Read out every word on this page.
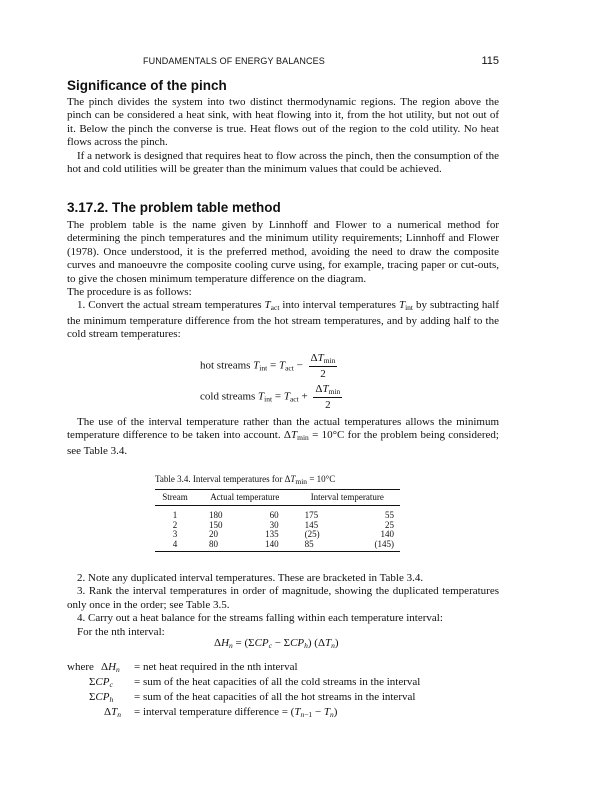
FUNDAMENTALS OF ENERGY BALANCES	115
Significance of the pinch

The pinch divides the system into two distinct thermodynamic regions. The region above the pinch can be considered a heat sink, with heat flowing into it, from the hot utility, but not out of it. Below the pinch the converse is true. Heat flows out of the region to the cold utility. No heat flows across the pinch.

If a network is designed that requires heat to flow across the pinch, then the consumption of the hot and cold utilities will be greater than the minimum values that could be achieved.

3.17.2. The problem table method

The problem table is the name given by Linnhoff and Flower to a numerical method for determining the pinch temperatures and the minimum utility requirements; Linnhoff and Flower (1978). Once understood, it is the preferred method, avoiding the need to draw the composite curves and manoeuvre the composite cooling curve using, for example, tracing paper or cut-outs, to give the chosen minimum temperature difference on the diagram.

The procedure is as follows:

1. Convert the actual stream temperatures $T_{act}$ into interval temperatures $T_{int}$ by subtracting half the minimum temperature difference from the hot stream temperatures, and by adding half to the cold stream temperatures:

hot streams $T_{int} = T_{act} - \frac{\Delta T_{min}}{2}$
cold streams $T_{int} = T_{act} + \frac{\Delta T_{min}}{2}$

The use of the interval temperature rather than the actual temperatures allows the minimum temperature difference to be taken into account. $\Delta T_{min} = 10^\circ C$ for the problem being considered; see Table 3.4.

Table 3.4. Interval temperatures for $\Delta T_{min} = 10^\circ C$
Stream	Actual temperature		Interval temperature	
1	180	60	175	55
2	150	30	145	25
3	20	135	(25)	140
4	80	140	85	(145)

2. Note any duplicated interval temperatures. These are bracketed in Table 3.4.

3. Rank the interval temperatures in order of magnitude, showing the duplicated temperatures only once in the order; see Table 3.5.

4. Carry out a heat balance for the streams falling within each temperature interval:

For the nth interval:

$\Delta H_n = (\Sigma CP_c - \Sigma CP_h)$ $(\Delta T_n)$
where $\Delta H_n$ = net heat required in the nth interval
$\Sigma CP_c$ = sum of the heat capacities of all the cold streams in the interval
$\Sigma CP_h$ = sum of the heat capacities of all the hot streams in the interval
$\Delta T_n$ = interval temperature difference = $(T_{n-1} - T_n)$
